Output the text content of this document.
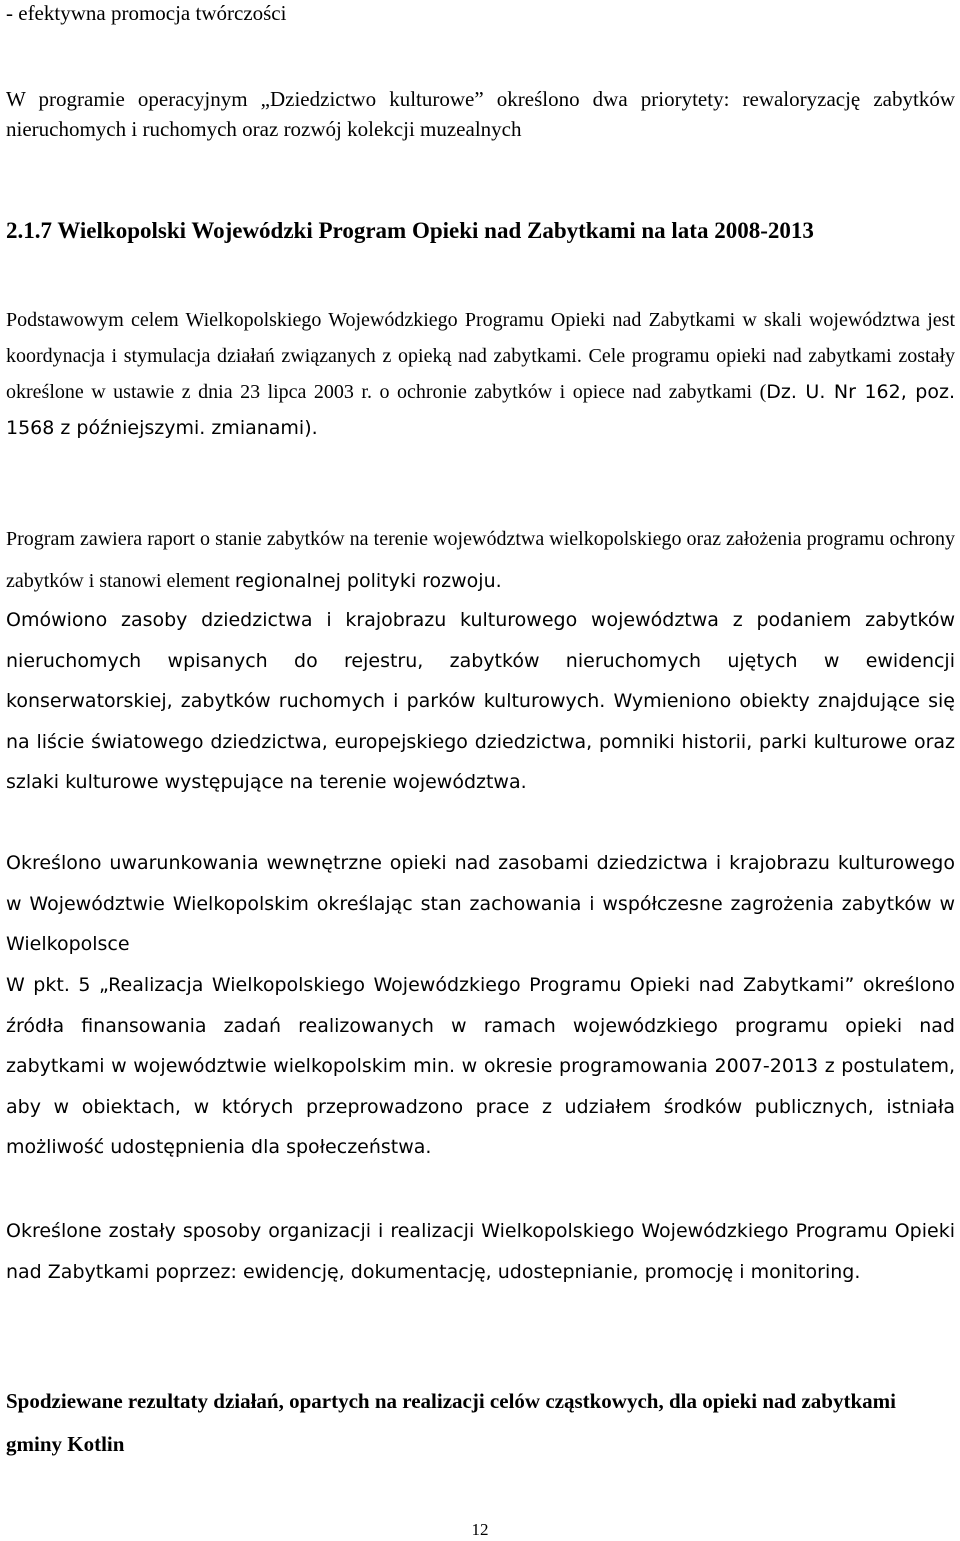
- efektywna promocja twórczości

W programie operacyjnym „Dziedzictwo kulturowe” określono dwa priorytety: rewaloryzację zabytków nieruchomych i ruchomych oraz rozwój kolekcji muzealnych

2.1.7 Wielkopolski Wojewódzki Program Opieki nad Zabytkami na lata 2008-2013

Podstawowym celem Wielkopolskiego Wojewódzkiego Programu Opieki nad Zabytkami w skali województwa jest koordynacja i stymulacja działań związanych z opieką nad zabytkami. Cele programu opieki nad zabytkami zostały określone w ustawie z dnia 23 lipca 2003 r. o ochronie zabytków i opiece nad zabytkami (Dz. U. Nr 162, poz. 1568 z późniejszymi. zmianami).

Program zawiera raport o stanie zabytków na terenie województwa wielkopolskiego oraz założenia programu ochrony zabytków i stanowi element regionalnej polityki rozwoju.

Omówiono zasoby dziedzictwa i krajobrazu kulturowego województwa z podaniem zabytków nieruchomych wpisanych do rejestru, zabytków nieruchomych ujętych w ewidencji konserwatorskiej, zabytków ruchomych i parków kulturowych. Wymieniono obiekty znajdujące się na liście światowego dziedzictwa, europejskiego dziedzictwa, pomniki historii, parki kulturowe oraz szlaki kulturowe występujące na terenie województwa.

Określono uwarunkowania wewnętrzne opieki nad zasobami dziedzictwa i krajobrazu kulturowego w Województwie Wielkopolskim określając stan zachowania i współczesne zagrożenia zabytków w Wielkopolsce

W pkt. 5 „Realizacja Wielkopolskiego Wojewódzkiego Programu Opieki nad Zabytkami” określono źródła finansowania zadań realizowanych w ramach wojewódzkiego programu opieki nad zabytkami w województwie wielkopolskim min. w okresie programowania 2007-2013 z postulatem, aby w obiektach, w których przeprowadzono prace z udziałem środków publicznych, istniała możliwość udostępnienia dla społeczeństwa.

Określone zostały sposoby organizacji i realizacji Wielkopolskiego Wojewódzkiego Programu Opieki nad Zabytkami poprzez: ewidencję, dokumentację, udostepnianie, promocję i monitoring.

Spodziewane rezultaty działań, opartych na realizacji celów cząstkowych, dla opieki nad zabytkami gminy Kotlin
12
